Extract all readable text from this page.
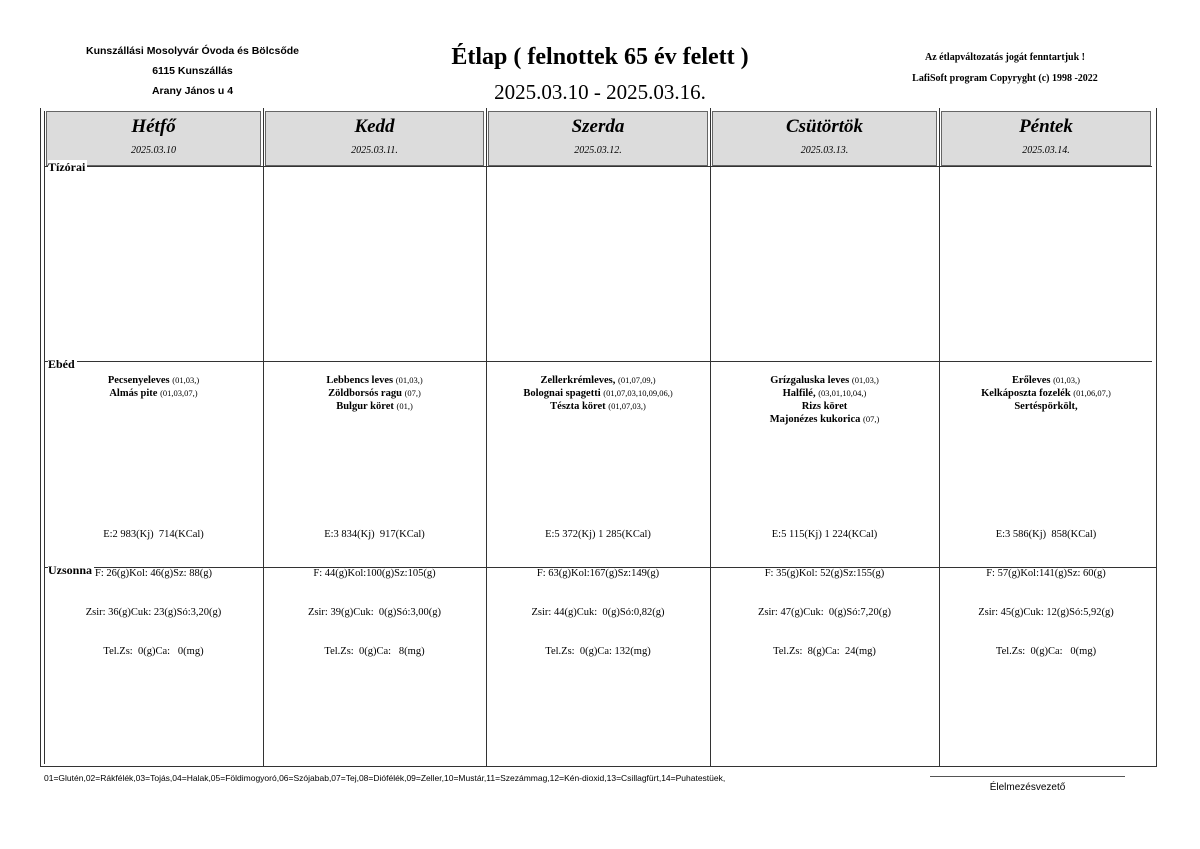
Kunszállási Mosolyvár Óvoda és Bölcsőde
6115 Kunszállás
Arany János u 4
Étlap ( felnottek 65 év felett )
2025.03.10 - 2025.03.16.
Az étlapváltozatás jogát fenntartjuk !
LafiSoft program Copyryght (c) 1998 -2022
Hétfő
2025.03.10
Kedd
2025.03.11.
Szerda
2025.03.12.
Csütörtök
2025.03.13.
Péntek
2025.03.14.
Tízórai
Ebéd
Uzsonna
Pecsenyeleves (01,03,)
Almás pite (01,03,07,)
Lebbencs leves (01,03,)
Zöldborsós ragu (07,)
Bulgur köret (01,)
Zellerkrémleves, (01,07,09,)
Bolognai spagetti (01,07,03,10,09,06,)
Tészta köret (01,07,03,)
Grízgaluska leves (01,03,)
Halfilé, (03,01,10,04,)
Rizs köret
Majonézes kukorica (07,)
Erőleves (01,03,)
Kelkáposzta fozelék (01,06,07,)
Sertéspörkölt,

E:2 983(Kj)  714(KCal)

F: 26(g)Kol: 46(g)Sz: 88(g)

Zsir: 36(g)Cuk: 23(g)Só:3,20(g)

Tel.Zs:  0(g)Ca:   0(mg)

E:3 834(Kj)  917(KCal)

F: 44(g)Kol:100(g)Sz:105(g)

Zsir: 39(g)Cuk:  0(g)Só:3,00(g)

Tel.Zs:  0(g)Ca:   8(mg)

E:5 372(Kj) 1 285(KCal)

F: 63(g)Kol:167(g)Sz:149(g)

Zsir: 44(g)Cuk:  0(g)Só:0,82(g)

Tel.Zs:  0(g)Ca: 132(mg)

E:5 115(Kj) 1 224(KCal)

F: 35(g)Kol: 52(g)Sz:155(g)

Zsir: 47(g)Cuk:  0(g)Só:7,20(g)

Tel.Zs:  8(g)Ca:  24(mg)

E:3 586(Kj)  858(KCal)

F: 57(g)Kol:141(g)Sz: 60(g)

Zsir: 45(g)Cuk: 12(g)Só:5,92(g)

Tel.Zs:  0(g)Ca:   0(mg)

01=Glutén,02=Rákfélék,03=Tojás,04=Halak,05=Földimogyoró,06=Szójabab,07=Tej,08=Diófélék,09=Zeller,10=Mustár,11=Szezámmag,12=Kén-dioxid,13=Csillagfürt,14=Puhatestüek,
Élelmezésvezető
